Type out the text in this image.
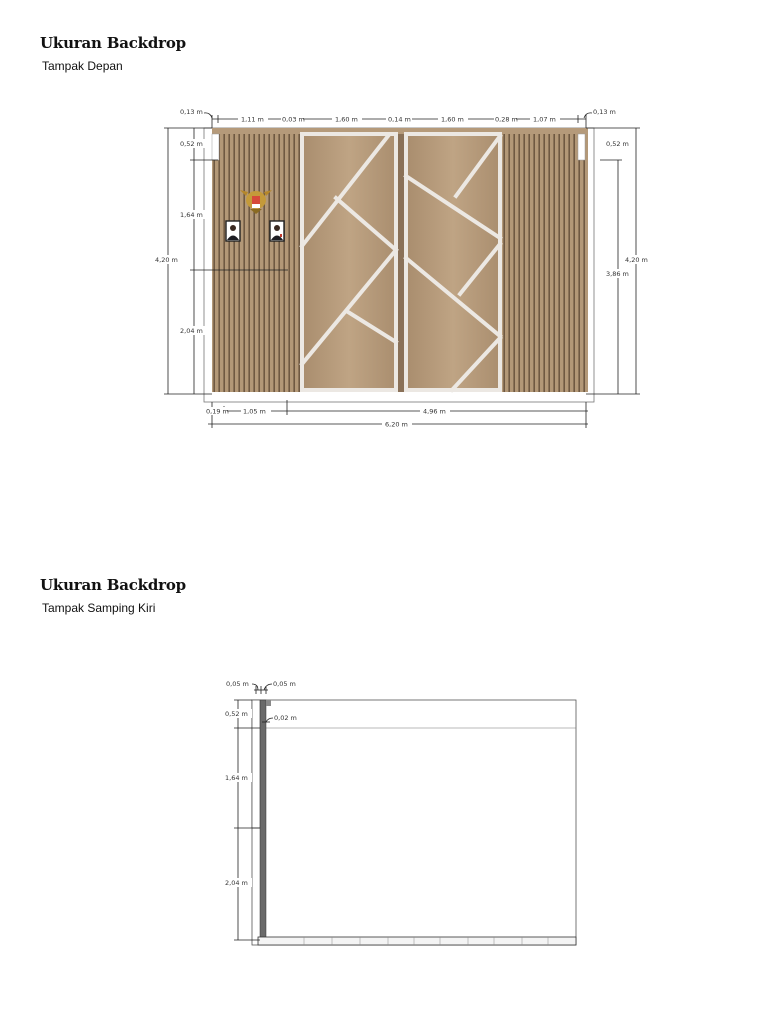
Ukuran Backdrop
Tampak Depan
1,11 m	0,03 m	1,60 m	0,14 m	1,60 m	0,28 m 1,07 m
0,13 m	0,13 m
4,20 m
0,52 m
1,64 m
2,04 m
0,52 m
4,20 m
3,86 m
0,19 m 1,05 m	4,96 m
6,20 m
Ukuran Backdrop
Tampak Samping Kiri
0,05 m	0,05 m
0,02 m
0,52 m
1,64 m
2,04 m
